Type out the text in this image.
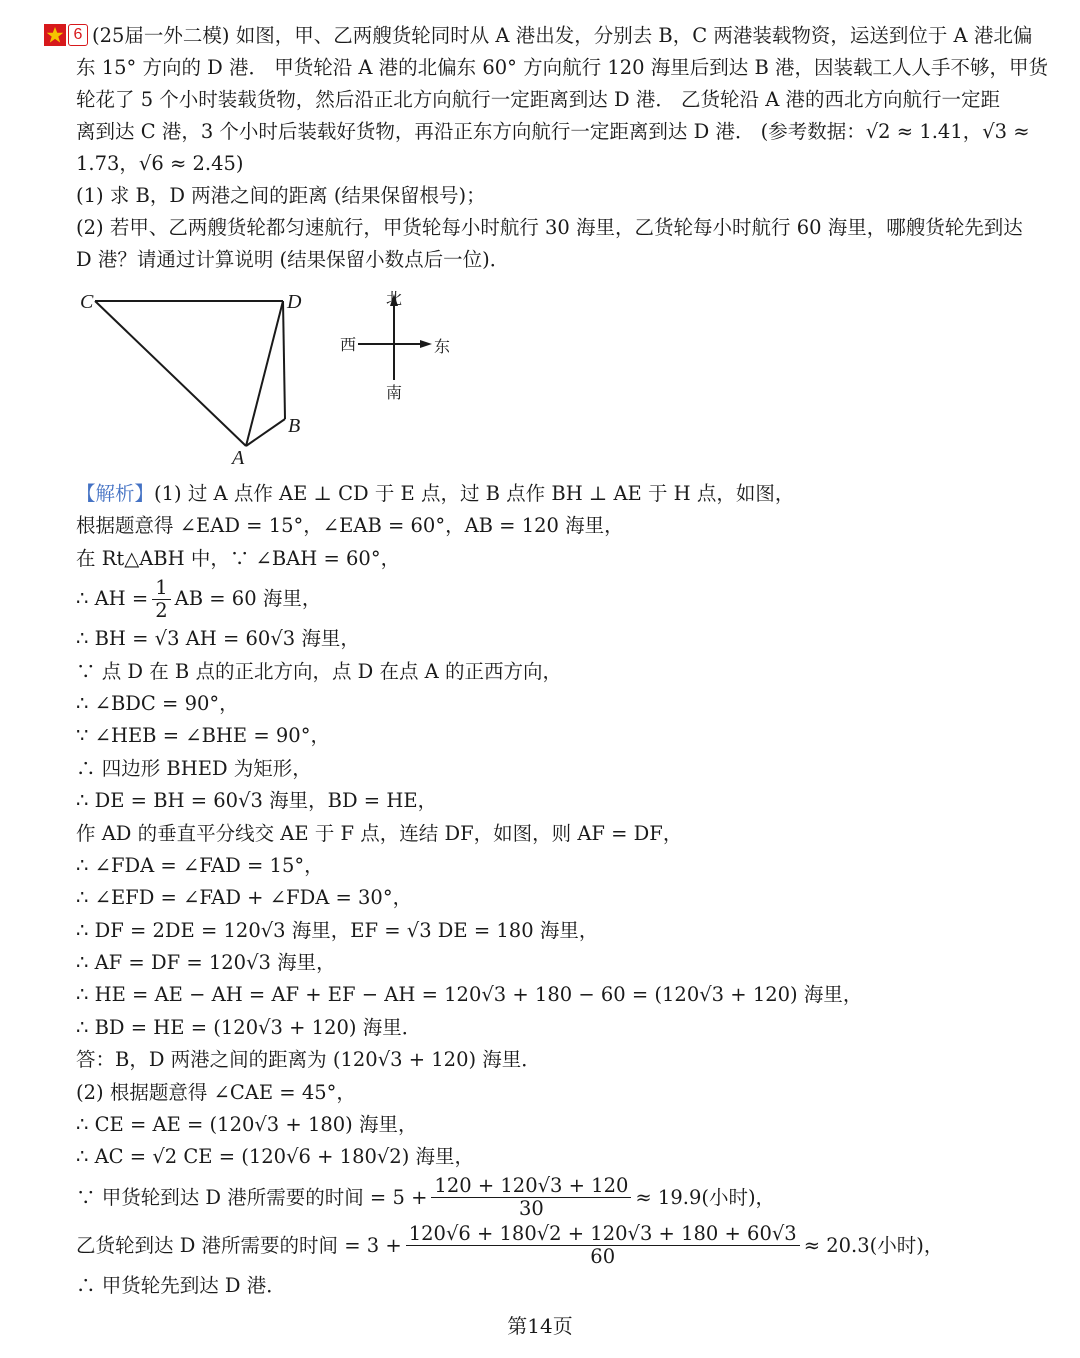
6 (25届一外二模) 如图，甲、乙两艘货轮同时从 A 港出发，分别去 B，C 两港装载物资，运送到位于 A 港北偏
东 15° 方向的 D 港． 甲货轮沿 A 港的北偏东 60° 方向航行 120 海里后到达 B 港，因装载工人人手不够，甲货
轮花了 5 个小时装载货物，然后沿正北方向航行一定距离到达 D 港． 乙货轮沿 A 港的西北方向航行一定距
离到达 C 港，3 个小时后装载好货物，再沿正东方向航行一定距离到达 D 港． (参考数据：√2 ≈ 1.41，√3 ≈
1.73，√6 ≈ 2.45)
(1) 求 B，D 两港之间的距离 (结果保留根号)；
(2) 若甲、乙两艘货轮都匀速航行，甲货轮每小时航行 30 海里，乙货轮每小时航行 60 海里，哪艘货轮先到达
D 港？请通过计算说明 (结果保留小数点后一位)．
C	D
B
A
北
南
西	东
【解析】(1) 过 A 点作 AE ⊥ CD 于 E 点，过 B 点作 BH ⊥ AE 于 H 点，如图，
根据题意得 ∠EAD = 15°，∠EAB = 60°，AB = 120 海里，
在 Rt△ABH 中，∵ ∠BAH = 60°，
∴ AH = $\frac{1}{2}$ AB = 60 海里，
∴ BH = √3 AH = 60√3 海里，
∵ 点 D 在 B 点的正北方向，点 D 在点 A 的正西方向，
∴ ∠BDC = 90°，
∵ ∠HEB = ∠BHE = 90°，
∴ 四边形 BHED 为矩形，
∴ DE = BH = 60√3 海里，BD = HE，
作 AD 的垂直平分线交 AE 于 F 点，连结 DF，如图，则 AF = DF，
∴ ∠FDA = ∠FAD = 15°，
∴ ∠EFD = ∠FAD + ∠FDA = 30°，
∴ DF = 2DE = 120√3 海里，EF = √3 DE = 180 海里，
∴ AF = DF = 120√3 海里，
∴ HE = AE − AH = AF + EF − AH = 120√3 + 180 − 60 = (120√3 + 120) 海里，
∴ BD = HE = (120√3 + 120) 海里．
答：B，D 两港之间的距离为 (120√3 + 120) 海里．
(2) 根据题意得 ∠CAE = 45°，
∴ CE = AE = (120√3 + 180) 海里，
∴ AC = √2 CE = (120√6 + 180√2) 海里，
∵ 甲货轮到达 D 港所需要的时间 = $5 + \frac{120 + 120√3 + 120}{30} \approx 19.9$(小时)，
乙货轮到达 D 港所需要的时间 = $3 + \frac{120√6 + 180√2 + 120√3 + 180 + 60√3}{60} \approx 20.3$(小时)，
∴ 甲货轮先到达 D 港．
第14页
